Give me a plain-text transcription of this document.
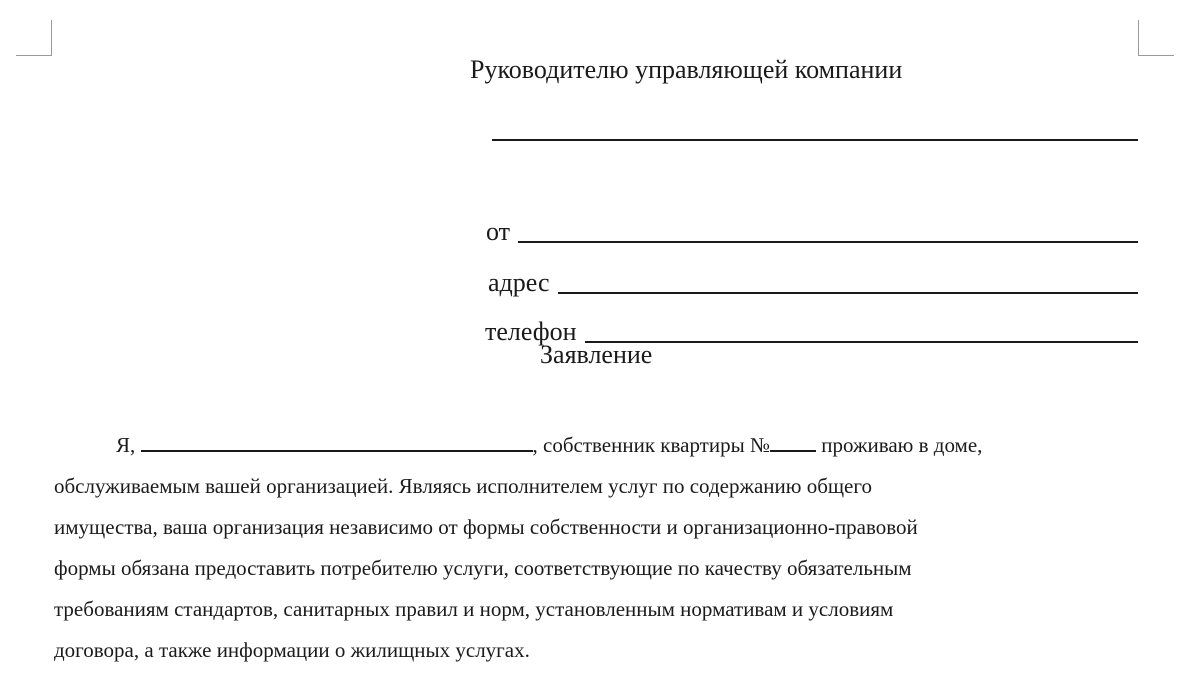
Руководителю управляющей компании
от
адрес
телефон
Заявление
Я,	, собственник квартиры № проживаю в доме,
обслуживаемым вашей организацией. Являясь исполнителем услуг по содержанию общего
имущества, ваша организация независимо от формы собственности и организационно-правовой
формы обязана предоставить потребителю услуги, соответствующие по качеству обязательным
требованиям стандартов, санитарных правил и норм, установленным нормативам и условиям
договора, а также информации о жилищных услугах.
